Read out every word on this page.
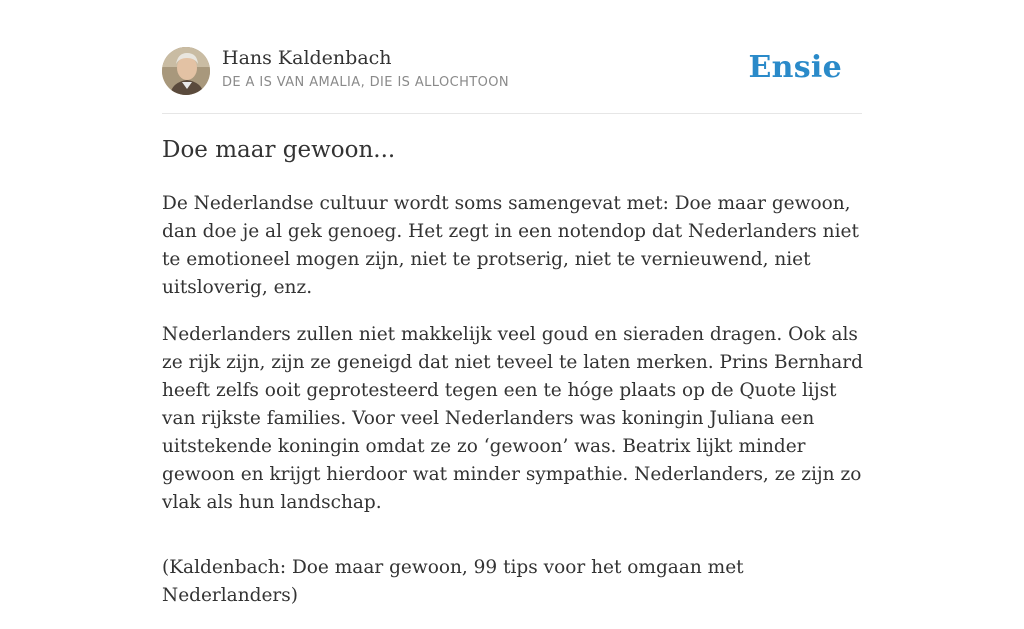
Hans Kaldenbach
DE A IS VAN AMALIA, DIE IS ALLOCHTOON	Ensie
Doe maar gewoon...

De Nederlandse cultuur wordt soms samengevat met: Doe maar gewoon, dan doe je al gek genoeg. Het zegt in een notendop dat Nederlanders niet te emotioneel mogen zijn, niet te protserig, niet te vernieuwend, niet uitsloverig, enz.

Nederlanders zullen niet makkelijk veel goud en sieraden dragen. Ook als ze rijk zijn, zijn ze geneigd dat niet teveel te laten merken. Prins Bernhard heeft zelfs ooit geprotesteerd tegen een te hóge plaats op de Quote lijst van rijkste families. Voor veel Nederlanders was koningin Juliana een uitstekende koningin omdat ze zo ‘gewoon’ was. Beatrix lijkt minder gewoon en krijgt hierdoor wat minder sympathie. Nederlanders, ze zijn zo vlak als hun landschap.

(Kaldenbach: Doe maar gewoon, 99 tips voor het omgaan met Nederlanders)
